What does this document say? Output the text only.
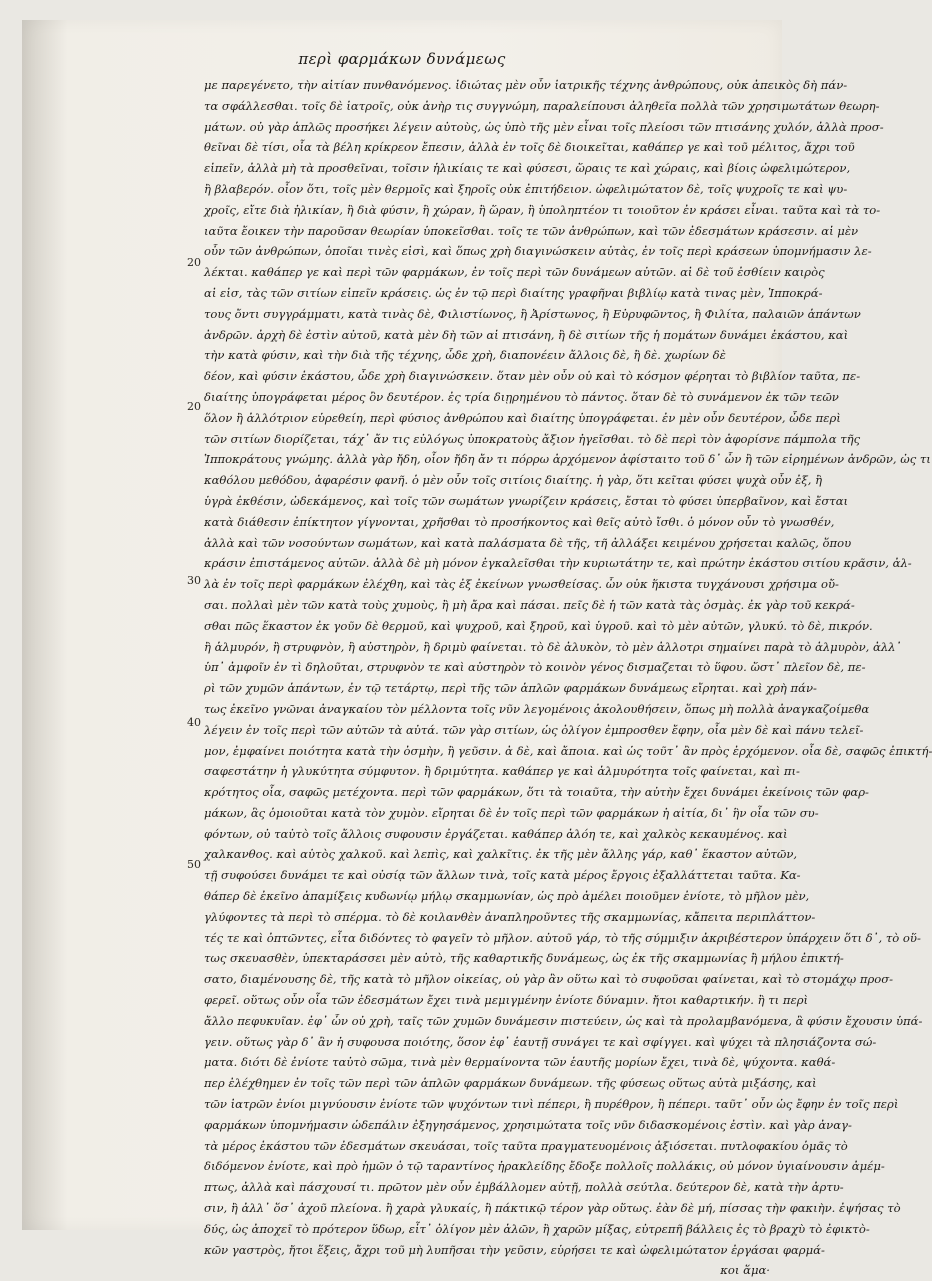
περὶ φαρμάκων δυνάμεως
20
20
30
40
50
με παρεγένετο, τὴν αἰτίαν πυνθανόμενος. ἰδιώτας μὲν οὖν ἰατρικῆς τέχνης ἀνθρώπους, οὐκ ἀπεικὸς δὴ πάν-
τα σφάλλεσθαι. τοῖς δὲ ἰατροῖς, οὐκ ἀνὴρ τις συγγνώμη, παραλείπουσι ἀληθεῖα πολλὰ τῶν χρησιμωτάτων θεωρη-
μάτων. οὐ γὰρ ἁπλῶς προσήκει λέγειν αὐτοὺς, ὡς ὑπὸ τῆς μὲν εἶναι τοῖς πλείοσι τῶν πτισάνης χυλόν, ἀλλὰ προσ-
θεῖναι δὲ τίσι, οἷα τὰ βέλη κρίκρεον ἔπεσιν, ἀλλὰ ἐν τοῖς δὲ διοικεῖται, καθάπερ γε καὶ τοῦ μέλιτος, ἄχρι τοῦ
εἰπεῖν, ἀλλὰ μὴ τὰ προσθεῖναι, τοῖσιν ἡλικίαις τε καὶ φύσεσι, ὥραις τε καὶ χώραις, καὶ βίοις ὠφελιμώτερον,
ἢ βλαβερόν. οἷον ὅτι, τοῖς μὲν θερμοῖς καὶ ξηροῖς οὐκ ἐπιτήδειον. ὠφελιμώτατον δὲ, τοῖς ψυχροῖς τε καὶ ψυ-
χροῖς, εἴτε διὰ ἡλικίαν, ἢ διὰ φύσιν, ἢ χώραν, ἢ ὥραν, ἢ ὑποληπτέον τι τοιοῦτον ἐν κράσει εἶναι. ταῦτα καὶ τὰ το-
ιαῦτα ἔοικεν τὴν παροῦσαν θεωρίαν ὑποκεῖσθαι. τοῖς τε τῶν ἀνθρώπων, καὶ τῶν ἐδεσμάτων κράσεσιν. αἱ μὲν
οὖν τῶν ἀνθρώπων, ὁποῖαι τινὲς εἰσὶ, καὶ ὅπως χρὴ διαγινώσκειν αὐτὰς, ἐν τοῖς περὶ κράσεων ὑπομνήμασιν λε-
λέκται. καθάπερ γε καὶ περὶ τῶν φαρμάκων, ἐν τοῖς περὶ τῶν δυνάμεων αὐτῶν. αἱ δὲ τοῦ ἐσθίειν καιρὸς
αἱ εἰσ, τὰς τῶν σιτίων εἰπεῖν κράσεις. ὡς ἐν τῷ περὶ διαίτης γραφῆναι βιβλίῳ κατὰ τινας μὲν, Ἱπποκρά-
τους ὄντι συγγράμματι, κατὰ τινὰς δὲ, Φιλιστίωνος, ἢ Ἀρίστωνος, ἢ Εὐρυφῶντος, ἢ Φιλίτα, παλαιῶν ἁπάντων
ἀνδρῶν. ἀρχὴ δὲ ἐστὶν αὐτοῦ, κατὰ μὲν δὴ τῶν αἱ πτισάνη, ἢ δὲ σιτίων τῆς ἡ πομάτων δυνάμει ἑκάστου, καὶ
τὴν κατὰ φύσιν, καὶ τὴν διὰ τῆς τέχνης, ὧδε χρὴ, διαπονέειν ἄλλοις δὲ, ἢ δὲ. χωρίων δὲ
δέον, καὶ φύσιν ἑκάστου, ὧδε χρὴ διαγινώσκειν. ὅταν μὲν οὖν οὐ καὶ τὸ κόσμον φέρηται τὸ βιβλίον ταῦτα, πε-
διαίτης ὑπογράφεται μέρος ὂν δευτέρον. ἐς τρία διῃρημένου τὸ πάντος. ὅταν δὲ τὸ συνάμενον ἐκ τῶν τεῶν
ὅλον ἢ ἀλλότριον εὑρεθείη, περὶ φύσιος ἀνθρώπου καὶ διαίτης ὑπογράφεται. ἐν μὲν οὖν δευτέρον, ὧδε περὶ
τῶν σιτίων διορίζεται, τάχ᾿ ἄν τις εὐλόγως ὑποκρατοὺς ἄξιον ἡγεῖσθαι. τὸ δὲ περὶ τὸν ἀφορίσνε πάμπολα τῆς
Ἱπποκράτους γνώμης. ἀλλὰ γὰρ ἤδη, οἷον ἤδη ἄν τι πόρρω ἀρχόμενον ἀφίσταιτο τοῦ δ᾿ ὧν ἢ τῶν εἰρημένων ἀνδρῶν, ὡς τι
καθόλου μεθόδου, ἀφαρέσιν φανῆ. ὁ μὲν οὖν τοῖς σιτίοις διαίτης. ἡ γὰρ, ὅτι κεῖται φύσει ψυχὰ οὖν ἐξ, ἢ
ὑγρὰ ἐκθέσιν, ὡδεκάμενος, καὶ τοῖς τῶν σωμάτων γνωρίζειν κράσεις, ἔσται τὸ φύσει ὑπερβαῖνον, καὶ ἔσται
κατὰ διάθεσιν ἐπίκτητον γίγνονται, χρῆσθαι τὸ προσήκοντος καὶ θεῖς αὐτὸ ἴσθι. ὁ μόνον οὖν τὸ γνωσθέν,
ἀλλὰ καὶ τῶν νοσούντων σωμάτων, καὶ κατὰ παλάσματα δὲ τῆς, τῆ ἀλλάξει κειμένου χρήσεται καλῶς, ὅπου
κράσιν ἐπιστάμενος αὐτῶν. ἀλλὰ δὲ μὴ μόνον ἐγκαλεῖσθαι τὴν κυριωτάτην τε, καὶ πρώτην ἑκάστου σιτίου κρᾶσιν, ἀλ-
λὰ ἐν τοῖς περὶ φαρμάκων ἐλέχθη, καὶ τὰς ἐξ ἐκείνων γνωσθείσας. ὧν οὐκ ἥκιστα τυγχάνουσι χρήσιμα οὔ-
σαι. πολλαὶ μὲν τῶν κατὰ τοὺς χυμοὺς, ἢ μὴ ἄρα καὶ πάσαι. πεῖς δὲ ἡ τῶν κατὰ τὰς ὀσμὰς. ἐκ γὰρ τοῦ κεκρά-
σθαι πῶς ἕκαστον ἐκ γοῦν δὲ θερμοῦ, καὶ ψυχροῦ, καὶ ξηροῦ, καὶ ὑγροῦ. καὶ τὸ μὲν αὐτῶν, γλυκύ. τὸ δὲ, πικρόν.
ἢ ἁλμυρόν, ἢ στρυφνὸν, ἢ αὐστηρὸν, ἢ δριμὺ φαίνεται. τὸ δὲ ἀλυκὸν, τὸ μὲν ἀλλοτρι σημαίνει παρὰ τὸ ἁλμυρὸν, ἀλλ᾿
ὑπ᾿ ἀμφοῖν ἐν τὶ δηλοῦται, στρυφνὸν τε καὶ αὐστηρὸν τὸ κοινὸν γένος δισμαζεται τὸ ὕφου. ὥστ᾿ πλεῖον δὲ, πε-
ρὶ τῶν χυμῶν ἁπάντων, ἐν τῷ τετάρτῳ, περὶ τῆς τῶν ἁπλῶν φαρμάκων δυνάμεως εἴρηται. καὶ χρὴ πάν-
τως ἐκεῖνο γνῶναι ἀναγκαίου τὸν μέλλοντα τοῖς νῦν λεγομένοις ἀκολουθήσειν, ὅπως μὴ πολλὰ ἀναγκαζοίμεθα
λέγειν ἐν τοῖς περὶ τῶν αὐτῶν τὰ αὐτά. τῶν γὰρ σιτίων, ὡς ὀλίγον ἐμπροσθεν ἔφην, οἷα μὲν δὲ καὶ πάνυ τελεῖ-
μον, ἐμφαίνει ποιότητα κατὰ τὴν ὀσμὴν, ἢ γεῦσιν. ἀ δὲ, καὶ ἄποια. καὶ ὡς τοῦτ᾿ ἂν πρὸς ἐρχόμενον. οἷα δὲ, σαφῶς ἐπικτή-
σαφεστάτην ἡ γλυκύτητα σύμφυτον. ἢ δριμύτητα. καθάπερ γε καὶ ἁλμυρότητα τοῖς φαίνεται, καὶ πι-
κρότητος οἷα, σαφῶς μετέχοντα. περὶ τῶν φαρμάκων, ὅτι τὰ τοιαῦτα, τὴν αὐτὴν ἔχει δυνάμει ἐκείνοις τῶν φαρ-
μάκων, ἃς ὁμοιοῦται κατὰ τὸν χυμὸν. εἴρηται δὲ ἐν τοῖς περὶ τῶν φαρμάκων ἡ αἰτία, δι᾿ ἣν οἷα τῶν συ-
φόντων, οὐ ταὐτὸ τοῖς ἄλλοις συφουσιν ἐργάζεται. καθάπερ ἁλόη τε, καὶ χαλκὸς κεκαυμένος. καὶ
χαλκανθος. καὶ αὐτὸς χαλκοῦ. καὶ λεπὶς, καὶ χαλκῖτις. ἐκ τῆς μὲν ἄλλης γάρ, καθ᾿ ἕκαστον αὐτῶν,
τῇ συφούσει δυνάμει τε καὶ οὐσίᾳ τῶν ἄλλων τινὰ, τοῖς κατὰ μέρος ἔργοις ἐξαλλάττεται ταῦτα. Κα-
θάπερ δὲ ἐκεῖνο ἀπαμίξεις κυδωνίῳ μήλῳ σκαμμωνίαν, ὡς πρὸ ἀμέλει ποιοῦμεν ἐνίοτε, τὸ μῆλον μὲν,
γλύφοντες τὰ περὶ τὸ σπέρμα. τὸ δὲ κοιλανθὲν ἀναπληροῦντες τῆς σκαμμωνίας, κἄπειτα περιπλάττον-
τές τε καὶ ὀπτῶντες, εἶτα διδόντες τὸ φαγεῖν τὸ μῆλον. αὐτοῦ γάρ, τὸ τῆς σύμμιξιν ἀκριβέστερον ὑπάρχειν ὅτι δ᾿, τὸ οὕ-
τως σκευασθὲν, ὑπεκταράσσει μὲν αὐτὸ, τῆς καθαρτικῆς δυνάμεως, ὡς ἐκ τῆς σκαμμωνίας ἢ μήλου ἐπικτή-
σατο, διαμένουσης δὲ, τῆς κατὰ τὸ μῆλον οἰκείας, οὐ γὰρ ἂν οὕτω καὶ τὸ συφοῦσαι φαίνεται, καὶ τὸ στομάχῳ προσ-
φερεῖ. οὕτως οὖν οἷα τῶν ἐδεσμάτων ἔχει τινὰ μεμιγμένην ἐνίοτε δύναμιν. ἤτοι καθαρτικήν. ἢ τι περὶ
ἄλλο πεφυκυῖαν. ἐφ᾿ ὧν οὐ χρὴ, ταῖς τῶν χυμῶν δυνάμεσιν πιστεύειν, ὡς καὶ τὰ προλαμβανόμενα, ἃ φύσιν ἔχουσιν ὑπά-
γειν. οὕτως γὰρ δ᾿ ἂν ἡ συφουσα ποιότης, ὅσον ἐφ᾿ ἑαυτῇ συνάγει τε καὶ σφίγγει. καὶ ψύχει τὰ πλησιάζοντα σώ-
ματα. διότι δὲ ἐνίοτε ταὐτὸ σῶμα, τινὰ μὲν θερμαίνοντα τῶν ἑαυτῆς μορίων ἔχει, τινὰ δὲ, ψύχοντα. καθά-
περ ἐλέχθημεν ἐν τοῖς τῶν περὶ τῶν ἁπλῶν φαρμάκων δυνάμεων. τῆς φύσεως οὕτως αὐτὰ μιξάσης, καὶ
τῶν ἰατρῶν ἐνίοι μιγνύουσιν ἐνίοτε τῶν ψυχόντων τινὶ πέπερι, ἢ πυρέθρον, ἢ πέπερι. ταῦτ᾿ οὖν ὡς ἔφην ἐν τοῖς περὶ
φαρμάκων ὑπομνήμασιν ὡδεπάλιν ἐξηγησάμενος, χρησιμώτατα τοῖς νῦν διδασκομένοις ἐστὶν. καὶ γὰρ ἀναγ-
τὰ μέρος ἑκάστου τῶν ἐδεσμάτων σκευάσαι, τοῖς ταῦτα πραγματευομένοις ἀξιόσεται. πυτλοφακίου ὁμᾶς τὸ
διδόμενον ἐνίοτε, καὶ πρὸ ἡμῶν ὁ τῷ ταραντίνος ἡρακλείδης ἔδοξε πολλοῖς πολλάκις, οὐ μόνον ὑγιαίνουσιν ἀμέμ-
πτως, ἀλλὰ καὶ πάσχουσί τι. πρῶτον μὲν οὖν ἐμβάλλομεν αὐτῇ, πολλὰ σεύτλα. δεύτερον δὲ, κατὰ τὴν ἀρτυ-
σιν, ἢ ἀλλ᾿ ὅσ᾿ ἀχοῦ πλείονα. ἢ χαρὰ γλυκαίς, ἢ πάκτικῷ τέρον γὰρ οὕτως. ἐὰν δὲ μή, πίσσας τὴν φακιὴν. ἐψήσας τὸ
δύς, ὡς ἀποχεῖ τὸ πρότερον ὕδωρ, εἶτ᾿ ὀλίγον μὲν ἁλῶν, ἢ χαρῶν μίξας, εὐτρεπῆ βάλλεις ἐς τὸ βραχὺ τὸ ἐφικτὸ-
κῶν γαστρὸς, ἤτοι ἕξεις, ἄχρι τοῦ μὴ λυπῆσαι τὴν γεῦσιν, εὑρήσει τε καὶ ὠφελιμώτατον ἐργάσαι φαρμά-
κοι ἅμα·
